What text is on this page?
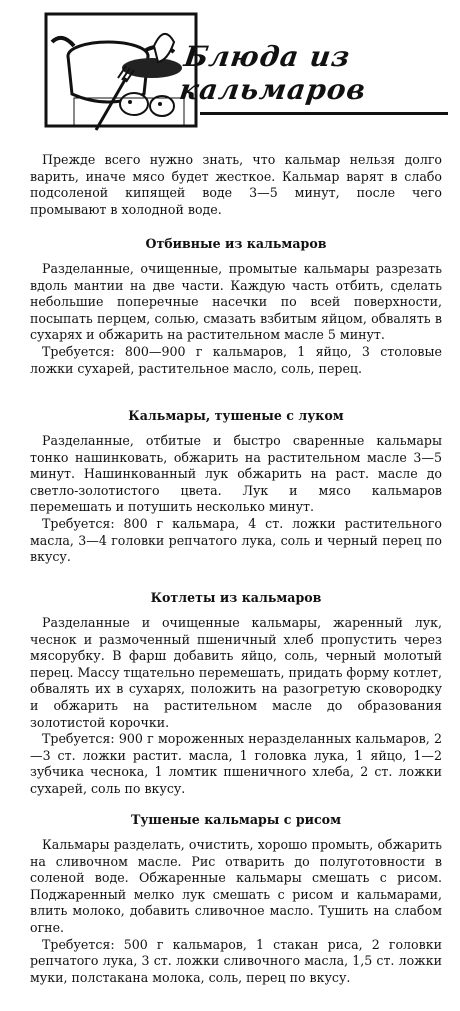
Блюда из кальмаров

Прежде всего нужно знать, что кальмар нельзя долго варить, иначе мясо будет жесткое. Кальмар варят в слабо подсоленой кипящей воде 3—5 минут, после чего промывают в холодной воде.

Отбивные из кальмаров

Разделанные, очищенные, промытые кальмары разрезать вдоль мантии на две части. Каждую часть отбить, сделать небольшие поперечные насечки по всей поверхности, посыпать перцем, солью, смазать взбитым яйцом, обвалять в сухарях и обжарить на растительном масле 5 минут.

Требуется: 800—900 г кальмаров, 1 яйцо, 3 столовые ложки сухарей, растительное масло, соль, перец.

Кальмары, тушеные с луком

Разделанные, отбитые и быстро сваренные кальмары тонко нашинковать, обжарить на растительном масле 3—5 минут. Нашинкованный лук обжарить на раст. масле до светло-золотистого цвета. Лук и мясо кальмаров перемешать и потушить несколько минут.

Требуется: 800 г кальмара, 4 ст. ложки растительного масла, 3—4 головки репчатого лука, соль и черный перец по вкусу.

Котлеты из кальмаров

Разделанные и очищенные кальмары, жаренный лук, чеснок и размоченный пшеничный хлеб пропустить через мясорубку. В фарш добавить яйцо, соль, черный молотый перец. Массу тщательно перемешать, придать форму котлет, обвалять их в сухарях, положить на разогретую сковородку и обжарить на растительном масле до образования золотистой корочки.

Требуется: 900 г мороженных неразделанных кальмаров, 2—3 ст. ложки растит. масла, 1 головка лука, 1 яйцо, 1—2 зубчика чеснока, 1 ломтик пшеничного хлеба, 2 ст. ложки сухарей, соль по вкусу.

Тушеные кальмары с рисом

Кальмары разделать, очистить, хорошо промыть, обжарить на сливочном масле. Рис отварить до полуготовности в соленой воде. Обжаренные кальмары смешать с рисом. Поджаренный мелко лук смешать с рисом и кальмарами, влить молоко, добавить сливочное масло. Тушить на слабом огне.

Требуется: 500 г кальмаров, 1 стакан риса, 2 головки репчатого лука, 3 ст. ложки сливочного масла, 1,5 ст. ложки муки, полстакана молока, соль, перец по вкусу.
